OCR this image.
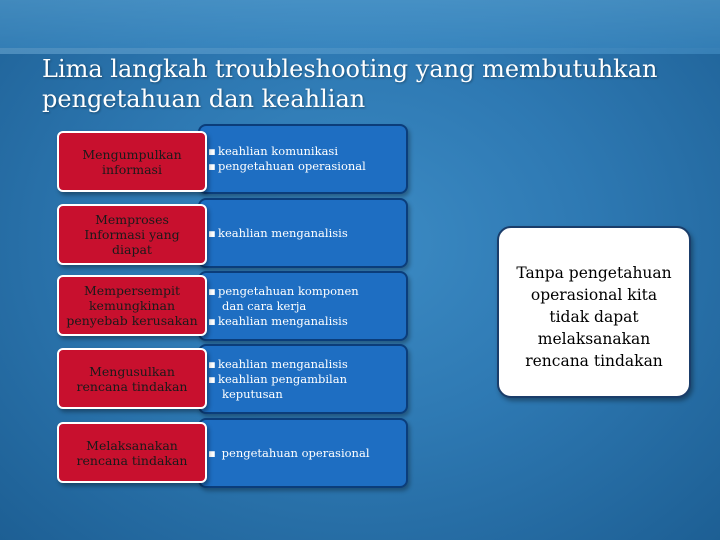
Lima langkah troubleshooting yang membutuhkan pengetahuan dan keahlian
▪ keahlian komunikasi
▪ pengetahuan operasional
Mengumpulkan informasi
▪ keahlian menganalisis
Memproses Informasi yang diapat
▪ pengetahuan komponen
dan cara kerja
▪ keahlian menganalisis
Mempersempit kemungkinan penyebab kerusakan
▪ keahlian menganalisis
▪ keahlian pengambilan
keputusan
Mengusulkan rencana tindakan
▪ pengetahuan operasional
Melaksanakan rencana tindakan
Tanpa pengetahuan operasional kita tidak dapat melaksanakan rencana tindakan
